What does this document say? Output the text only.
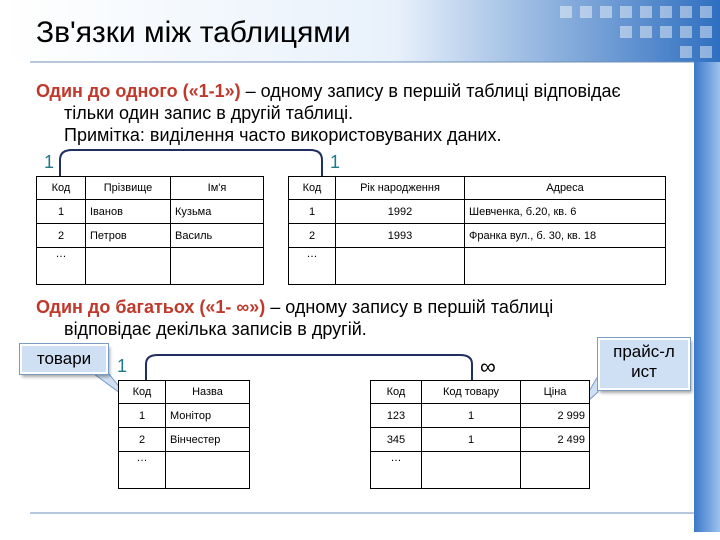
Зв'язки між таблицями
Один до одного («1-1») – одному запису в першій таблиці відповідає
тільки один запис в другій таблиці.
Примітка: виділення часто використовуваних даних.
1	1
Код	Прізвище	Ім'я
1	Іванов	Кузьма
2	Петров	Василь
…		
Код	Рік народження	Адреса
1	1992	Шевченка, б.20, кв. 6
2	1993	Франка вул., б. 30, кв. 18
…		
Один до багатьох («1- ∞») – одному запису в першій таблиці
відповідає декілька записів в другій.
1	∞
товари	прайс-л
ист
Код	Назва
1	Монітор
2	Вінчестер
…	
Код	Код товару	Ціна
123	1	2 999
345	1	2 499
…		
